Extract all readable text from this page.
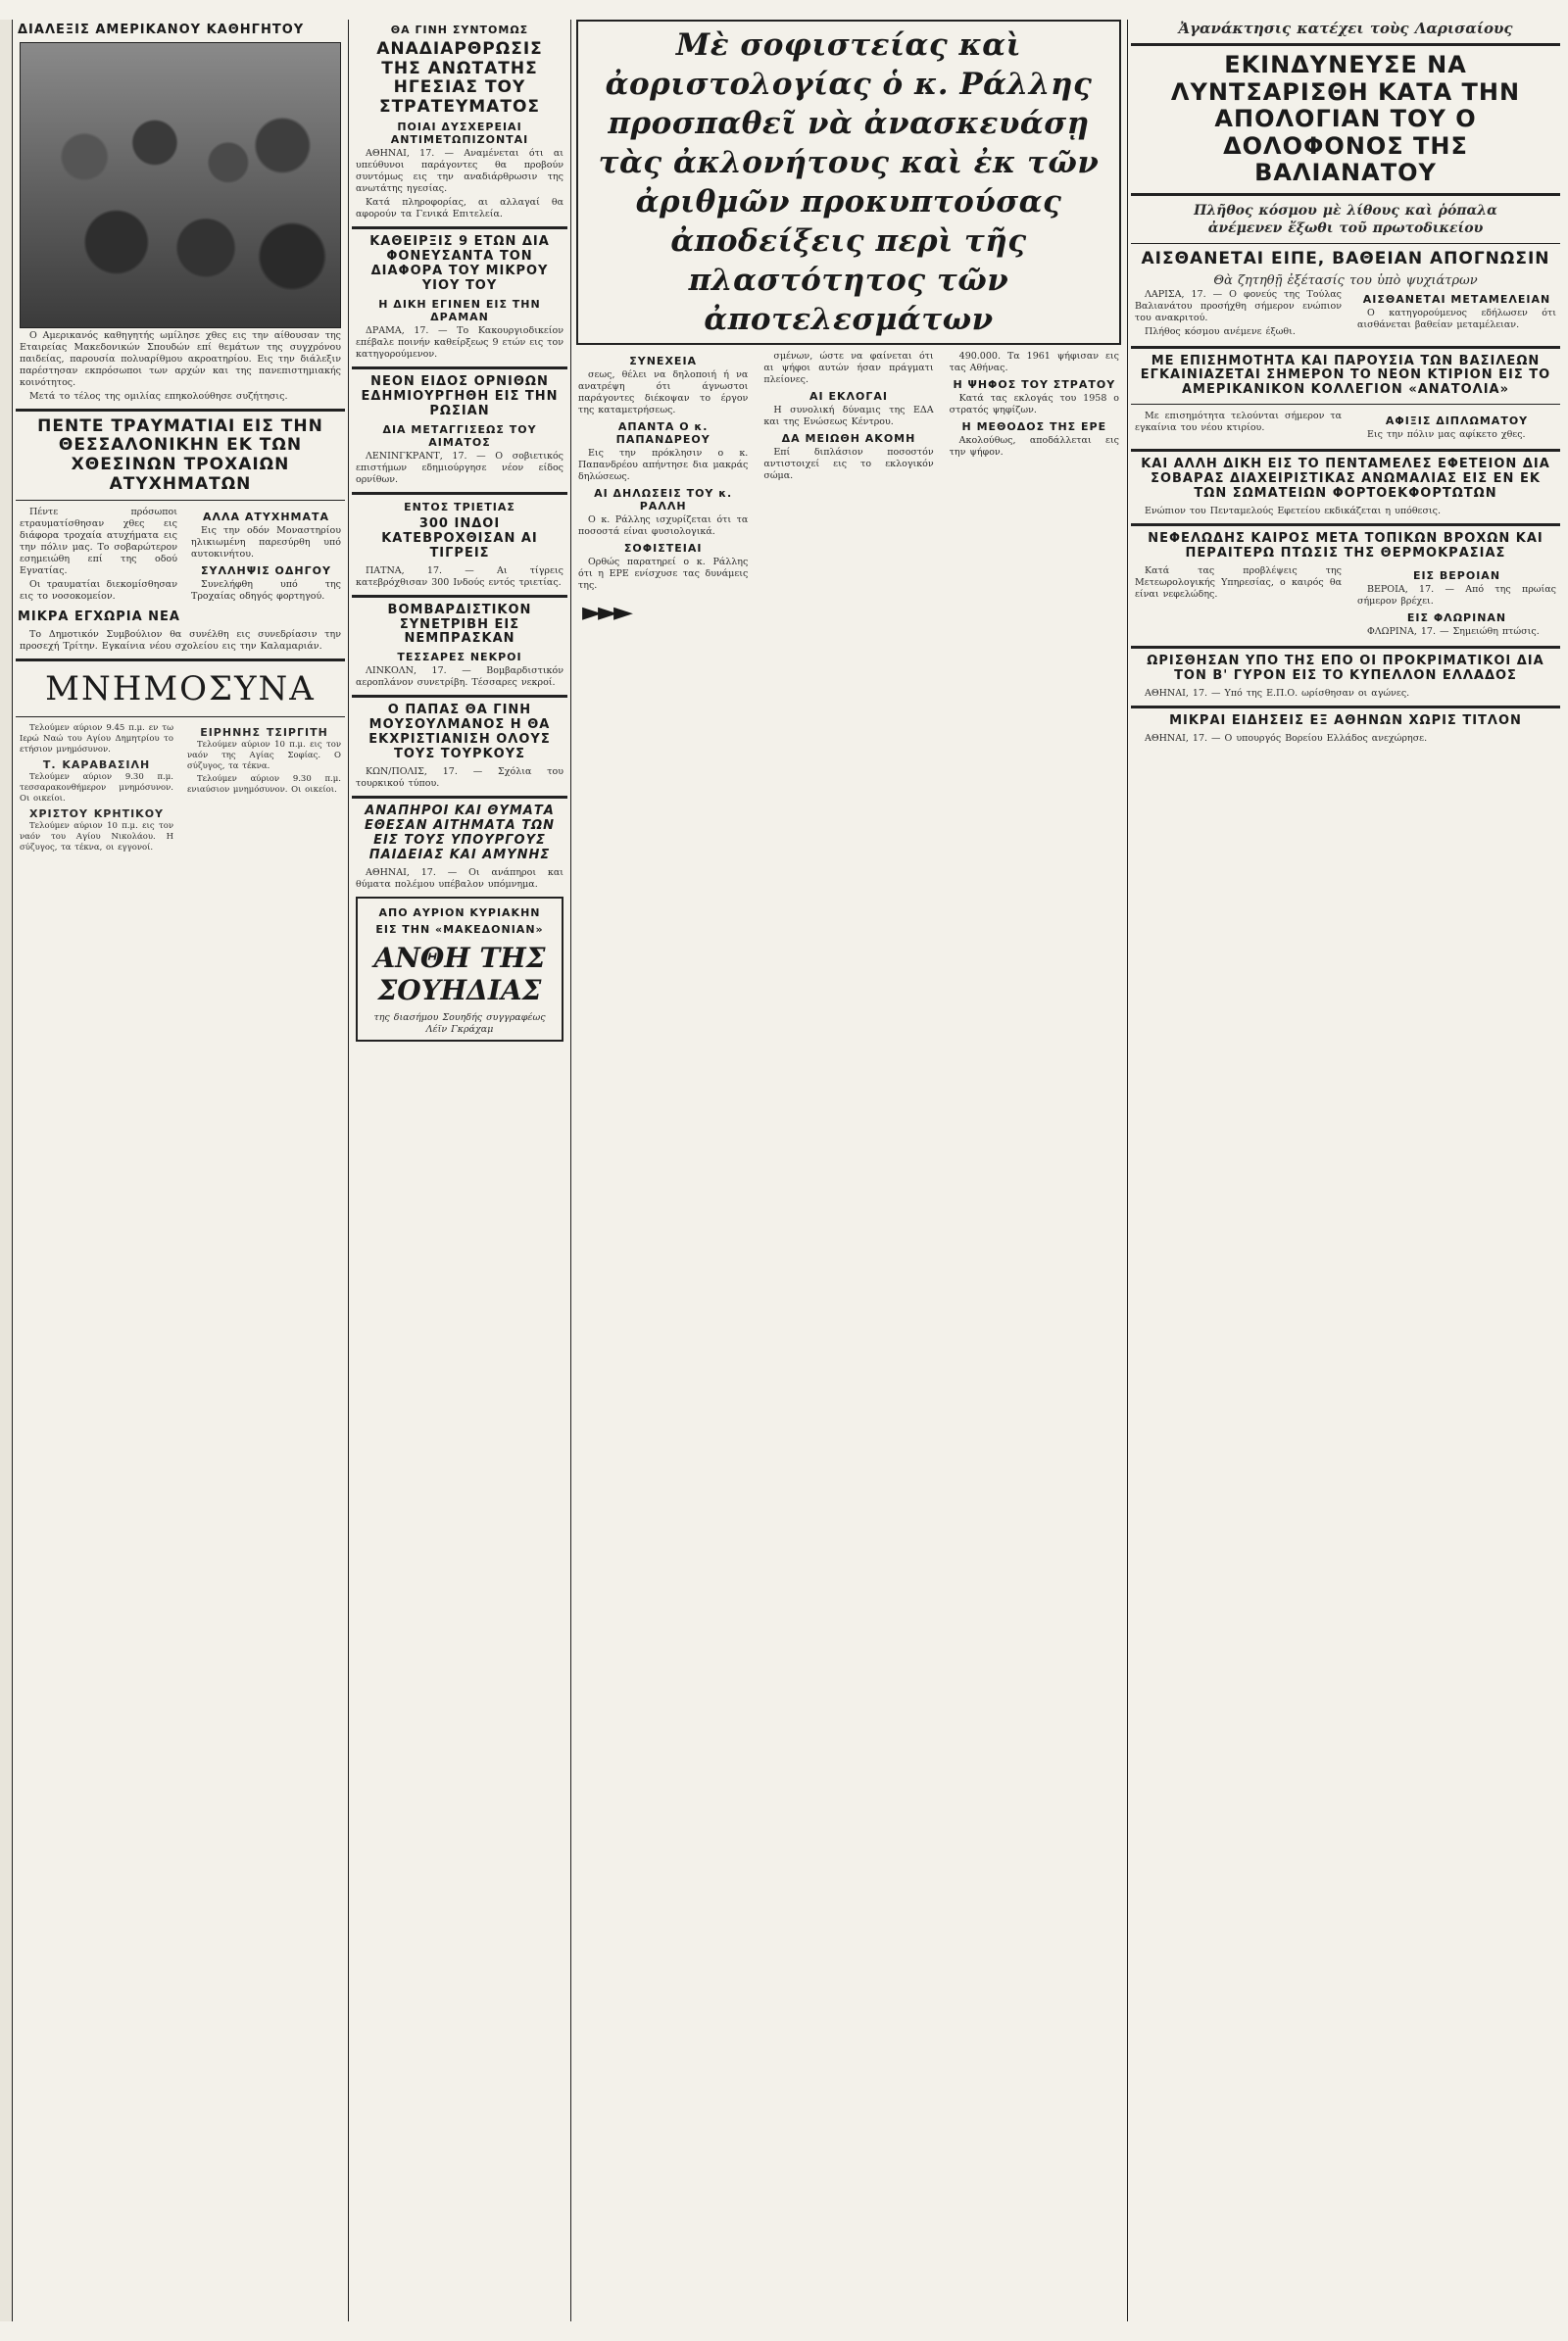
ΔΙΑΛΕΞΙΣ ΑΜΕΡΙΚΑΝΟΥ ΚΑΘΗΓΗΤΟΥ

Ο Αμερικανός καθηγητής ωμίλησε χθες εις την αίθουσαν της Εταιρείας Μακεδονικών Σπουδών επί θεμάτων της συγχρόνου παιδείας, παρουσία πολυαρίθμου ακροατηρίου. Εις την διάλεξιν παρέστησαν εκπρόσωποι των αρχών και της πανεπιστημιακής κοινότητος.

Μετά το τέλος της ομιλίας επηκολούθησε συζήτησις.

ΠΕΝΤΕ ΤΡΑΥΜΑΤΙΑΙ ΕΙΣ ΤΗΝ ΘΕΣΣΑΛΟΝΙΚΗΝ ΕΚ ΤΩΝ ΧΘΕΣΙΝΩΝ ΤΡΟΧΑΙΩΝ ΑΤΥΧΗΜΑΤΩΝ

Πέντε πρόσωποι ετραυματίσθησαν χθες εις διάφορα τροχαία ατυχήματα εις την πόλιν μας. Το σοβαρώτερον εσημειώθη επί της οδού Εγνατίας.

Οι τραυματίαι διεκομίσθησαν εις το νοσοκομείον.

ΑΛΛΑ ΑΤΥΧΗΜΑΤΑ

Εις την οδόν Μοναστηρίου ηλικιωμένη παρεσύρθη υπό αυτοκινήτου.

ΣΥΛΛΗΨΙΣ ΟΔΗΓΟΥ

Συνελήφθη υπό της Τροχαίας οδηγός φορτηγού.

ΜΙΚΡΑ ΕΓΧΩΡΙΑ ΝΕΑ

Το Δημοτικόν Συμβούλιον θα συνέλθη εις συνεδρίασιν την προσεχή Τρίτην. Εγκαίνια νέου σχολείου εις την Καλαμαριάν.

ΜΝΗΜΟΣΥΝΑ

Τελούμεν αύριον 9.45 π.μ. εν τω Ιερώ Ναώ του Αγίου Δημητρίου το ετήσιον μνημόσυνον.

Τ. ΚΑΡΑΒΑΣΙΛΗ

Τελούμεν αύριον 9.30 π.μ. τεσσαρακονθήμερον μνημόσυνον. Οι οικείοι.

ΧΡΙΣΤΟΥ ΚΡΗΤΙΚΟΥ

Τελούμεν αύριον 10 π.μ. εις τον ναόν του Αγίου Νικολάου. Η σύζυγος, τα τέκνα, οι εγγονοί.

ΕΙΡΗΝΗΣ ΤΣΙΡΓΙΤΗ

Τελούμεν αύριον 10 π.μ. εις τον ναόν της Αγίας Σοφίας. Ο σύζυγος, τα τέκνα.

Τελούμεν αύριον 9.30 π.μ. ενιαύσιον μνημόσυνον. Οι οικείοι.

ΘΑ ΓΙΝΗ ΣΥΝΤΟΜΩΣ
ΑΝΑΔΙΑΡΘΡΩΣΙΣ ΤΗΣ ΑΝΩΤΑΤΗΣ ΗΓΕΣΙΑΣ ΤΟΥ ΣΤΡΑΤΕΥΜΑΤΟΣ
ΠΟΙΑΙ ΔΥΣΧΕΡΕΙΑΙ ΑΝΤΙΜΕΤΩΠΙΖΟΝΤΑΙ

ΑΘΗΝΑΙ, 17. — Αναμένεται ότι αι υπεύθυνοι παράγοντες θα προβούν συντόμως εις την αναδιάρθρωσιν της ανωτάτης ηγεσίας.

Κατά πληροφορίας, αι αλλαγαί θα αφορούν τα Γενικά Επιτελεία.

ΚΑΘΕΙΡΞΙΣ 9 ΕΤΩΝ ΔΙΑ ΦΟΝΕΥΣΑΝΤΑ ΤΟΝ ΔΙΑΦΟΡΑ ΤΟΥ ΜΙΚΡΟΥ ΥΙΟΥ ΤΟΥ
Η ΔΙΚΗ ΕΓΙΝΕΝ ΕΙΣ ΤΗΝ ΔΡΑΜΑΝ

ΔΡΑΜΑ, 17. — Το Κακουργιοδικείον επέβαλε ποινήν καθείρξεως 9 ετών εις τον κατηγορούμενον.

ΝΕΟΝ ΕΙΔΟΣ ΟΡΝΙΘΩΝ ΕΔΗΜΙΟΥΡΓΗΘΗ ΕΙΣ ΤΗΝ ΡΩΣΙΑΝ
ΔΙΑ ΜΕΤΑΓΓΙΣΕΩΣ ΤΟΥ ΑΙΜΑΤΟΣ

ΛΕΝΙΝΓΚΡΑΝΤ, 17. — Ο σοβιετικός επιστήμων εδημιούργησε νέον είδος ορνίθων.

ΕΝΤΟΣ ΤΡΙΕΤΙΑΣ
300 ΙΝΔΟΙ ΚΑΤΕΒΡΟΧΘΙΣΑΝ ΑΙ ΤΙΓΡΕΙΣ

ΠΑΤΝΑ, 17. — Αι τίγρεις κατεβρόχθισαν 300 Ινδούς εντός τριετίας.

ΒΟΜΒΑΡΔΙΣΤΙΚΟΝ ΣΥΝΕΤΡΙΒΗ ΕΙΣ ΝΕΜΠΡΑΣΚΑΝ
ΤΕΣΣΑΡΕΣ ΝΕΚΡΟΙ

ΛΙΝΚΟΛΝ, 17. — Βομβαρδιστικόν αεροπλάνον συνετρίβη. Τέσσαρες νεκροί.

Ο ΠΑΠΑΣ ΘΑ ΓΙΝΗ ΜΟΥΣΟΥΛΜΑΝΟΣ Η ΘΑ ΕΚΧΡΙΣΤΙΑΝΙΣΗ ΟΛΟΥΣ ΤΟΥΣ ΤΟΥΡΚΟΥΣ

ΚΩΝ/ΠΟΛΙΣ, 17. — Σχόλια του τουρκικού τύπου.

ΑΝΑΠΗΡΟΙ ΚΑΙ ΘΥΜΑΤΑ ΕΘΕΣΑΝ ΑΙΤΗΜΑΤΑ ΤΩΝ ΕΙΣ ΤΟΥΣ ΥΠΟΥΡΓΟΥΣ ΠΑΙΔΕΙΑΣ ΚΑΙ ΑΜΥΝΗΣ

ΑΘΗΝΑΙ, 17. — Οι ανάπηροι και θύματα πολέμου υπέβαλον υπόμνημα.

ΑΠΟ ΑΥΡΙΟΝ ΚΥΡΙΑΚΗΝ
ΕΙΣ ΤΗΝ «ΜΑΚΕΔΟΝΙΑΝ»
ΑΝΘΗ ΤΗΣ ΣΟΥΗΔΙΑΣ
της διασήμου Σουηδής συγγραφέως Λέϊν Γκράχαμ
Μὲ σοφιστείας καὶ ἀοριστολογίας ὁ κ. Ράλλης προσπαθεῖ νὰ ἀνασκευάσῃ τὰς ἀκλονήτους καὶ ἐκ τῶν ἀριθμῶν προκυπτούσας ἀποδείξεις περὶ τῆς πλαστότητος τῶν ἀποτελεσμάτων
ΣΥΝΕΧΕΙΑ

σεως, θέλει να δηλοποιή ή να ανατρέψη ότι άγνωστοι παράγοντες διέκοψαν το έργον της καταμετρήσεως.

ΑΠΑΝΤΑ Ο κ. ΠΑΠΑΝΔΡΕΟΥ

Εις την πρόκλησιν ο κ. Παπανδρέου απήντησε δια μακράς δηλώσεως.

ΑΙ ΔΗΛΩΣΕΙΣ ΤΟΥ κ. ΡΑΛΛΗ

Ο κ. Ράλλης ισχυρίζεται ότι τα ποσοστά είναι φυσιολογικά.

ΣΟΦΙΣΤΕΙΑΙ

Ορθώς παρατηρεί ο κ. Ράλλης ότι η ΕΡΕ ενίσχυσε τας δυνάμεις της.

σμένων, ώστε να φαίνεται ότι αι ψήφοι αυτών ήσαν πράγματι πλείονες.

ΑΙ ΕΚΛΟΓΑΙ

Η συνολική δύναμις της ΕΔΑ και της Ενώσεως Κέντρου.

ΔΑ ΜΕΙΩΘΗ ΑΚΟΜΗ

Επί διπλάσιον ποσοστόν αντιστοιχεί εις το εκλογικόν σώμα.

490.000. Τα 1961 ψήφισαν εις τας Αθήνας.

Η ΨΗΦΟΣ ΤΟΥ ΣΤΡΑΤΟΥ

Κατά τας εκλογάς του 1958 ο στρατός ψηφίζων.

Η ΜΕΘΟΔΟΣ ΤΗΣ ΕΡΕ

Ακολούθως, αποδάλλεται εις την ψήφον.

►►►
Ἀγανάκτησις κατέχει τοὺς Λαρισαίους
ΕΚΙΝΔΥΝΕΥΣΕ ΝΑ ΛΥΝΤΣΑΡΙΣΘΗ ΚΑΤΑ ΤΗΝ ΑΠΟΛΟΓΙΑΝ ΤΟΥ Ο ΔΟΛΟΦΟΝΟΣ ΤΗΣ ΒΑΛΙΑΝΑΤΟΥ
Πλῆθος κόσμου μὲ λίθους καὶ ῥόπαλα
ἀνέμενεν ἔξωθι τοῦ πρωτοδικείου
ΑΙΣΘΑΝΕΤΑΙ ΕΙΠΕ, ΒΑΘΕΙΑΝ ΑΠΟΓΝΩΣΙΝ
Θὰ ζητηθῇ ἐξέτασίς του ὑπὸ ψυχιάτρων

ΛΑΡΙΣΑ, 17. — Ο φονεύς της Τούλας Βαλιανάτου προσήχθη σήμερον ενώπιον του ανακριτού.

Πλήθος κόσμου ανέμενε έξωθι.

ΑΙΣΘΑΝΕΤΑΙ ΜΕΤΑΜΕΛΕΙΑΝ

Ο κατηγορούμενος εδήλωσεν ότι αισθάνεται βαθείαν μεταμέλειαν.

ΜΕ ΕΠΙΣΗΜΟΤΗΤΑ ΚΑΙ ΠΑΡΟΥΣΙΑ ΤΩΝ ΒΑΣΙΛΕΩΝ ΕΓΚΑΙΝΙΑΖΕΤΑΙ ΣΗΜΕΡΟΝ ΤΟ ΝΕΟΝ ΚΤΙΡΙΟΝ ΕΙΣ ΤΟ ΑΜΕΡΙΚΑΝΙΚΟΝ ΚΟΛΛΕΓΙΟΝ «ΑΝΑΤΟΛΙΑ»

Με επισημότητα τελούνται σήμερον τα εγκαίνια του νέου κτιρίου.

ΑΦΙΞΙΣ ΔΙΠΛΩΜΑΤΟΥ

Εις την πόλιν μας αφίκετο χθες.

ΚΑΙ ΑΛΛΗ ΔΙΚΗ ΕΙΣ ΤΟ ΠΕΝΤΑΜΕΛΕΣ ΕΦΕΤΕΙΟΝ ΔΙΑ ΣΟΒΑΡΑΣ ΔΙΑΧΕΙΡΙΣΤΙΚΑΣ ΑΝΩΜΑΛΙΑΣ ΕΙΣ ΕΝ ΕΚ ΤΩΝ ΣΩΜΑΤΕΙΩΝ ΦΟΡΤΟΕΚΦΟΡΤΩΤΩΝ

Ενώπιον του Πενταμελούς Εφετείου εκδικάζεται η υπόθεσις.

ΝΕΦΕΛΩΔΗΣ ΚΑΙΡΟΣ ΜΕΤΑ ΤΟΠΙΚΩΝ ΒΡΟΧΩΝ ΚΑΙ ΠΕΡΑΙΤΕΡΩ ΠΤΩΣΙΣ ΤΗΣ ΘΕΡΜΟΚΡΑΣΙΑΣ

Κατά τας προβλέψεις της Μετεωρολογικής Υπηρεσίας, ο καιρός θα είναι νεφελώδης.

ΕΙΣ ΒΕΡΟΙΑΝ

ΒΕΡΟΙΑ, 17. — Από της πρωίας σήμερον βρέχει.

ΕΙΣ ΦΛΩΡΙΝΑΝ

ΦΛΩΡΙΝΑ, 17. — Σημειώθη πτώσις.

ΩΡΙΣΘΗΣΑΝ ΥΠΟ ΤΗΣ ΕΠΟ ΟΙ ΠΡΟΚΡΙΜΑΤΙΚΟΙ ΔΙΑ ΤΟΝ Β' ΓΥΡΟΝ ΕΙΣ ΤΟ ΚΥΠΕΛΛΟΝ ΕΛΛΑΔΟΣ

ΑΘΗΝΑΙ, 17. — Υπό της Ε.Π.Ο. ωρίσθησαν οι αγώνες.

ΜΙΚΡΑΙ ΕΙΔΗΣΕΙΣ ΕΞ ΑΘΗΝΩΝ ΧΩΡΙΣ ΤΙΤΛΟΝ

ΑΘΗΝΑΙ, 17. — Ο υπουργός Βορείου Ελλάδος ανεχώρησε.
